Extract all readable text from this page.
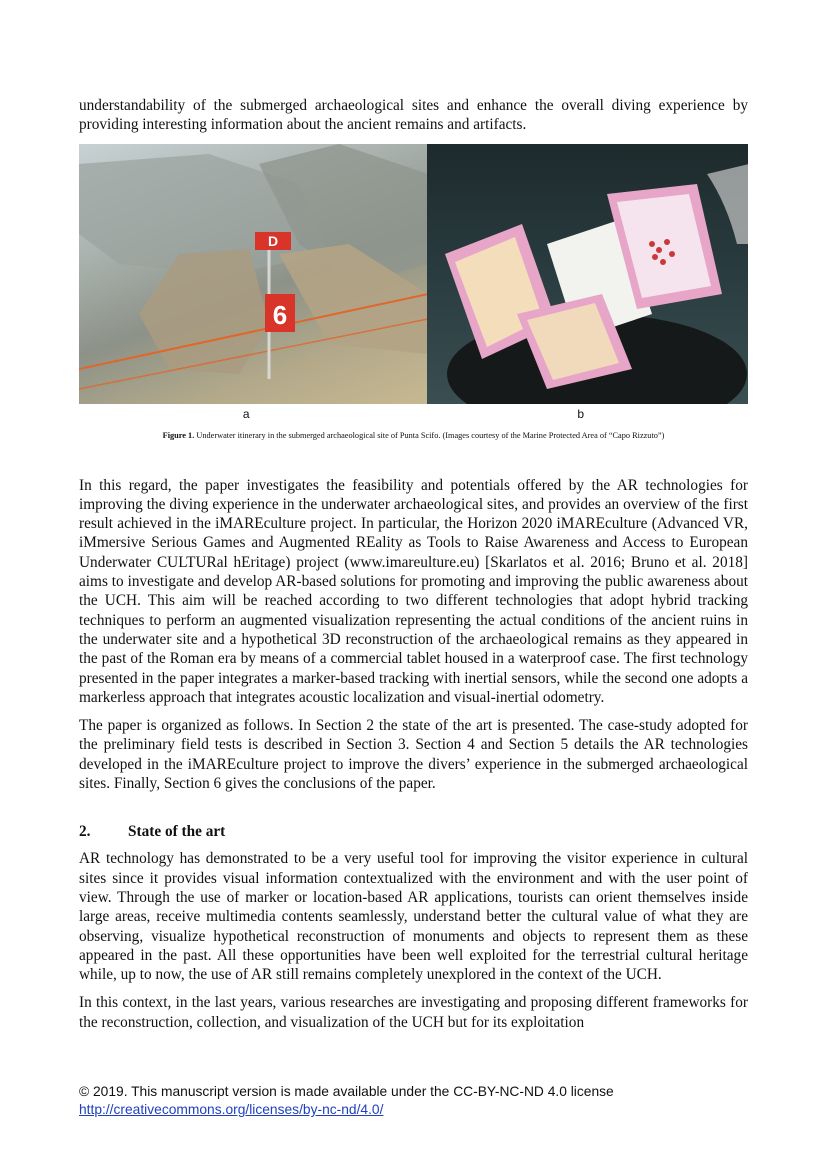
understandability of the submerged archaeological sites and enhance the overall diving experience by providing interesting information about the ancient remains and artifacts.

D
6
a	b
Figure 1. Underwater itinerary in the submerged archaeological site of Punta Scifo. (Images courtesy of the Marine Protected Area of “Capo Rizzuto”)

In this regard, the paper investigates the feasibility and potentials offered by the AR technologies for improving the diving experience in the underwater archaeological sites, and provides an overview of the first result achieved in the iMAREculture project. In particular, the Horizon 2020 iMAREculture (Advanced VR, iMmersive Serious Games and Augmented REality as Tools to Raise Awareness and Access to European Underwater CULTURal hEritage) project (www.imareulture.eu) [Skarlatos et al. 2016; Bruno et al. 2018] aims to investigate and develop AR-based solutions for promoting and improving the public awareness about the UCH. This aim will be reached according to two different technologies that adopt hybrid tracking techniques to perform an augmented visualization representing the actual conditions of the ancient ruins in the underwater site and a hypothetical 3D reconstruction of the archaeological remains as they appeared in the past of the Roman era by means of a commercial tablet housed in a waterproof case. The first technology presented in the paper integrates a marker-based tracking with inertial sensors, while the second one adopts a markerless approach that integrates acoustic localization and visual-inertial odometry.

The paper is organized as follows. In Section 2 the state of the art is presented. The case-study adopted for the preliminary field tests is described in Section 3. Section 4 and Section 5 details the AR technologies developed in the iMAREculture project to improve the divers’ experience in the submerged archaeological sites. Finally, Section 6 gives the conclusions of the paper.

2.	State of the art

AR technology has demonstrated to be a very useful tool for improving the visitor experience in cultural sites since it provides visual information contextualized with the environment and with the user point of view. Through the use of marker or location-based AR applications, tourists can orient themselves inside large areas, receive multimedia contents seamlessly, understand better the cultural value of what they are observing, visualize hypothetical reconstruction of monuments and objects to represent them as these appeared in the past. All these opportunities have been well exploited for the terrestrial cultural heritage while, up to now, the use of AR still remains completely unexplored in the context of the UCH.

In this context, in the last years, various researches are investigating and proposing different frameworks for the reconstruction, collection, and visualization of the UCH but for its exploitation

© 2019. This manuscript version is made available under the CC-BY-NC-ND 4.0 license
http://creativecommons.org/licenses/by-nc-nd/4.0/
